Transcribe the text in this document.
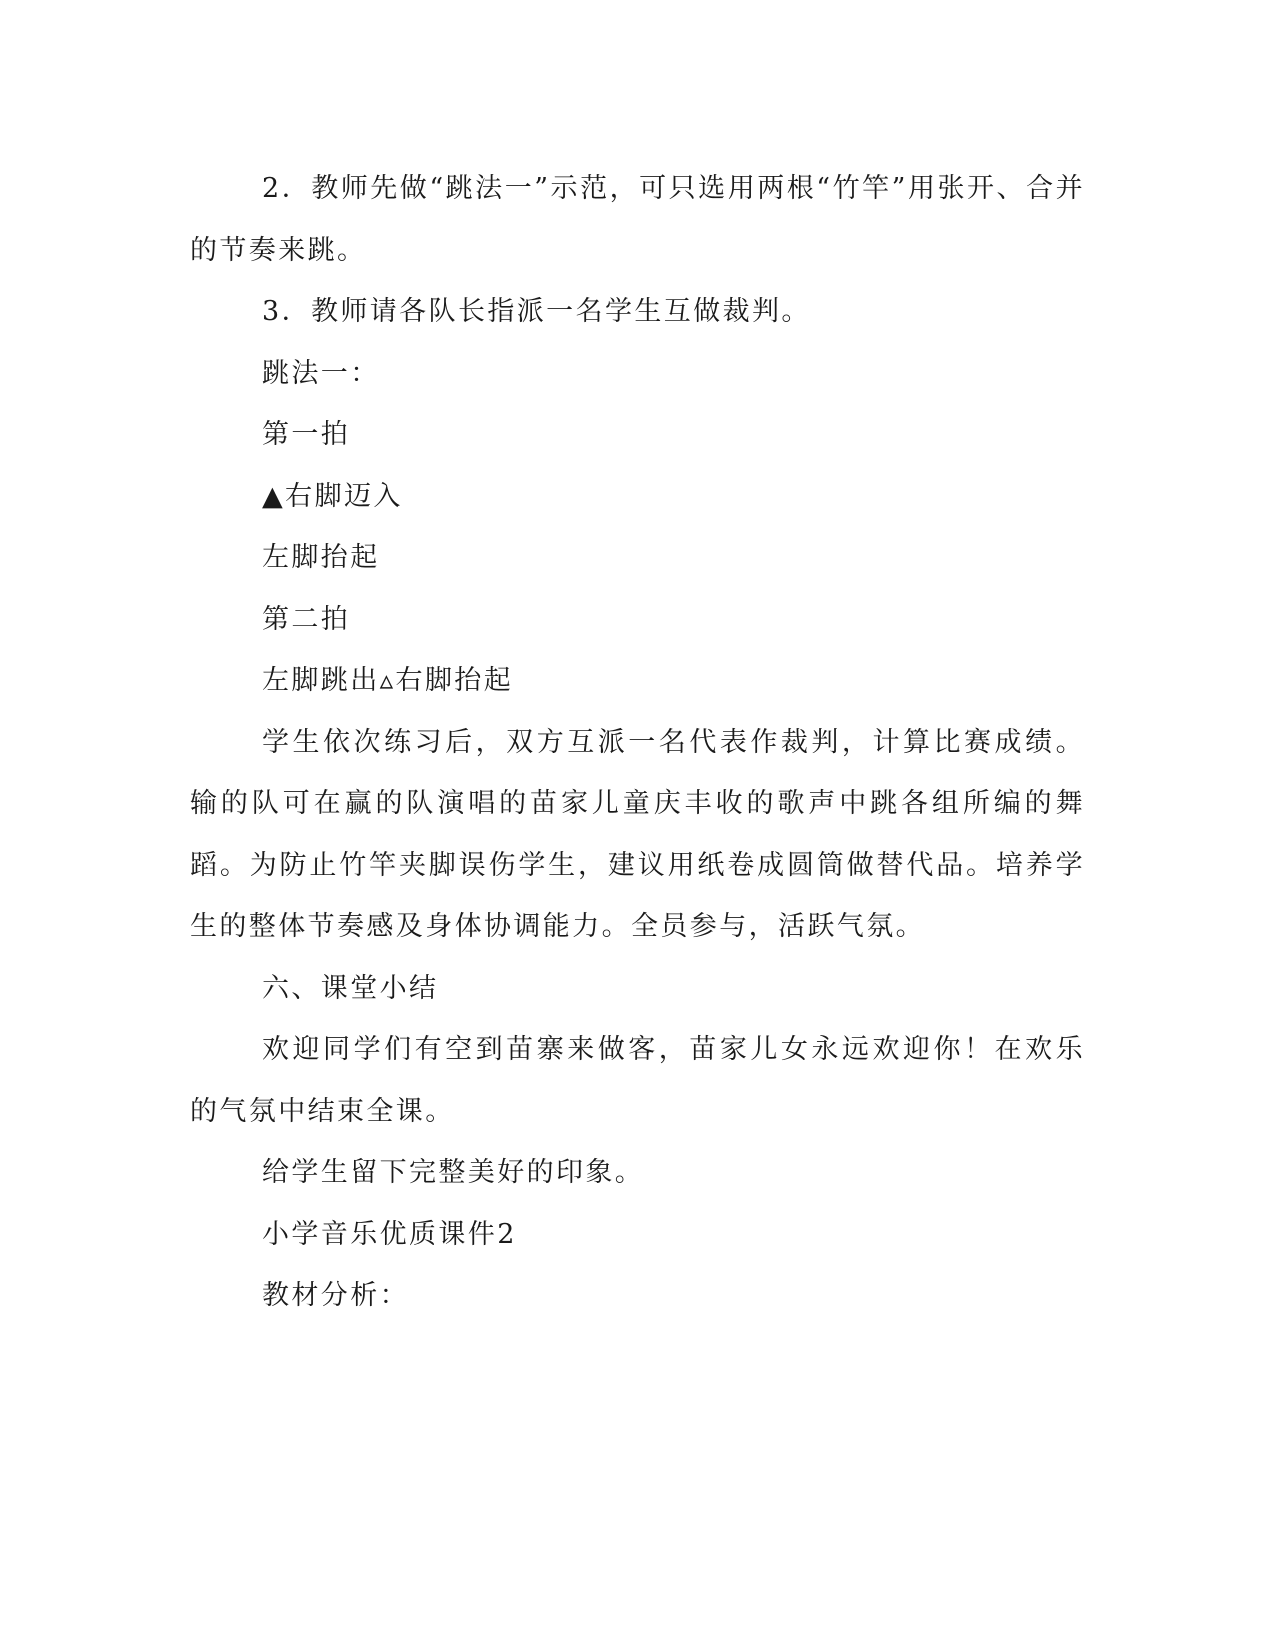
2．教师先做“跳法一”示范，可只选用两根“竹竿”用张开、合并的节奏来跳。

3．教师请各队长指派一名学生互做裁判。

跳法一：

第一拍

▲右脚迈入

左脚抬起

第二拍

左脚跳出▵右脚抬起

学生依次练习后，双方互派一名代表作裁判，计算比赛成绩。输的队可在赢的队演唱的苗家儿童庆丰收的歌声中跳各组所编的舞蹈。为防止竹竿夹脚误伤学生，建议用纸卷成圆筒做替代品。培养学生的整体节奏感及身体协调能力。全员参与，活跃气氛。

六、课堂小结

欢迎同学们有空到苗寨来做客，苗家儿女永远欢迎你！在欢乐的气氛中结束全课。

给学生留下完整美好的印象。

小学音乐优质课件2

教材分析：
